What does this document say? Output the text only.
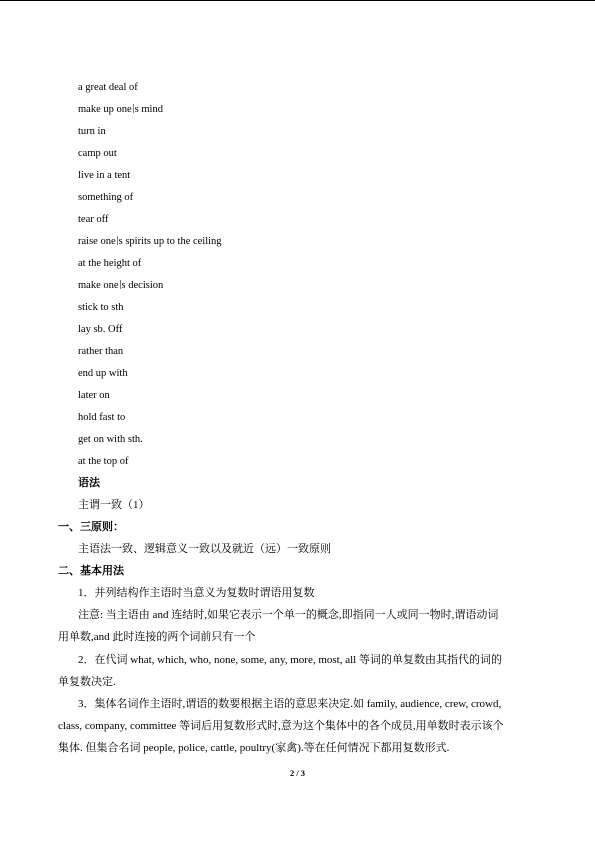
a great deal of
make up one s mind
turn in
camp out
live in a tent
something of
tear off
raise one s spirits up to the ceiling
at the height of
make one s decision
stick to sth
lay sb. Off
rather than
end up with
later on
hold fast to
get on with sth.
at the top of
语法
主谓一致（1）
一、三原则：
主语法一致、逻辑意义一致以及就近（远）一致原则
二、基本用法
1．并列结构作主语时当意义为复数时谓语用复数
注意: 当主语由 and 连结时,如果它表示一个单一的概念,即指同一人或同一物时,谓语动词
用单数,and 此时连接的两个词前只有一个
2．在代词 what, which, who, none, some, any, more, most, all 等词的单复数由其指代的词的
单复数决定.
3．集体名词作主语时,谓语的数要根据主语的意思来决定.如 family, audience, crew, crowd,
class, company, committee 等词后用复数形式时,意为这个集体中的各个成员,用单数时表示该个
集体. 但集合名词 people, police, cattle, poultry(家禽).等在任何情况下都用复数形式.
2 / 3
